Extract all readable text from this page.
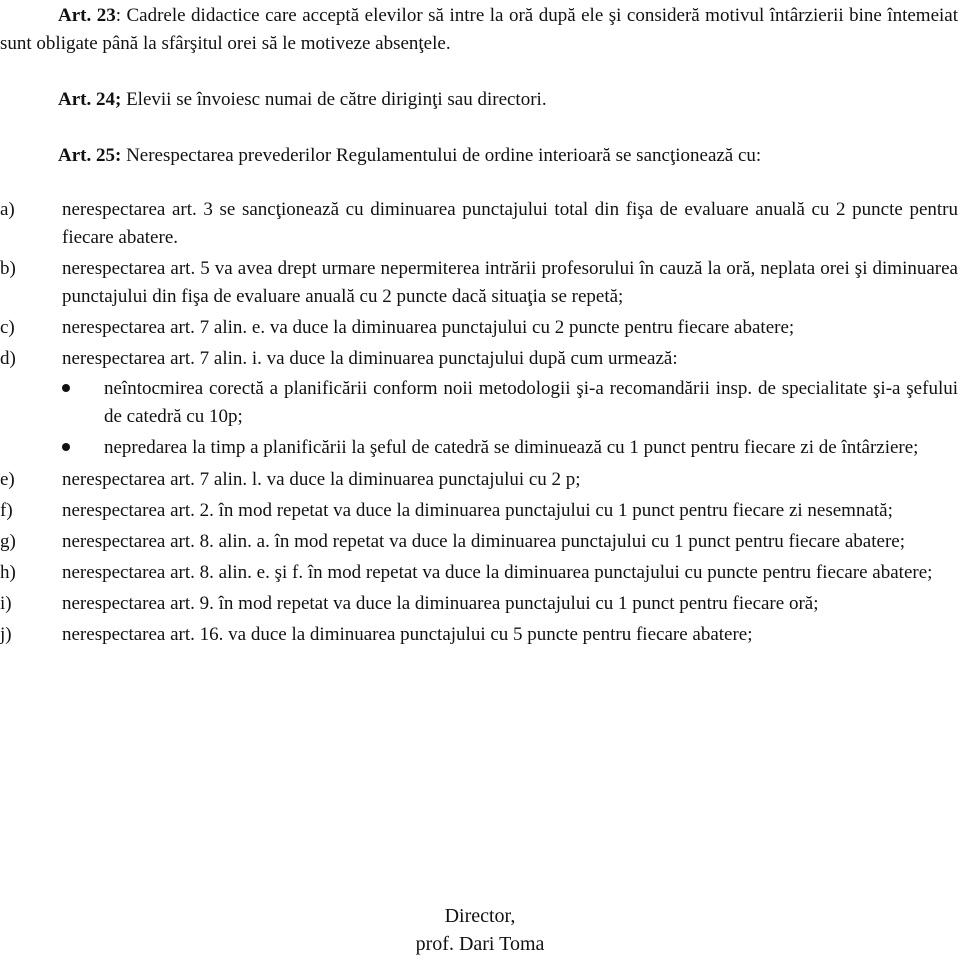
Art. 23: Cadrele didactice care acceptă elevilor să intre la oră după ele şi consideră motivul întârzierii bine întemeiat sunt obligate până la sfârşitul orei să le motiveze absenţele.

Art. 24; Elevii se învoiesc numai de către diriginţi sau directori.

Art. 25: Nerespectarea prevederilor Regulamentului de ordine interioară se sancţionează cu:

a) nerespectarea art. 3 se sancţionează cu diminuarea punctajului total din fişa de evaluare anuală cu 2 puncte pentru fiecare abatere.
b) nerespectarea art. 5 va avea drept urmare nepermiterea intrării profesorului în cauză la oră, neplata orei şi diminuarea punctajului din fişa de evaluare anuală cu 2 puncte dacă situaţia se repetă;
c) nerespectarea art. 7 alin. e. va duce la diminuarea punctajului cu 2 puncte pentru fiecare abatere;
d) nerespectarea art. 7 alin. i. va duce la diminuarea punctajului după cum urmează:
neîntocmirea corectă a planificării conform noii metodologii şi-a recomandării insp. de specialitate şi-a şefului de catedră cu 10p;
nepredarea la timp a planificării la şeful de catedră se diminuează cu 1 punct pentru fiecare zi de întârziere;
e) nerespectarea art. 7 alin. l. va duce la diminuarea punctajului cu 2 p;
f)	nerespectarea art. 2. în mod repetat va duce la diminuarea punctajului cu 1 punct pentru fiecare zi nesemnată;
g) nerespectarea art. 8. alin. a. în mod repetat va duce la diminuarea punctajului cu 1 punct pentru fiecare abatere;
h) nerespectarea art. 8. alin. e. şi f. în mod repetat va duce la diminuarea punctajului cu puncte pentru fiecare abatere;
i)	nerespectarea art. 9. în mod repetat va duce la diminuarea punctajului cu 1 punct pentru fiecare oră;
j)	nerespectarea art. 16. va duce la diminuarea punctajului cu 5 puncte pentru fiecare abatere;
Director,
prof. Dari Toma
